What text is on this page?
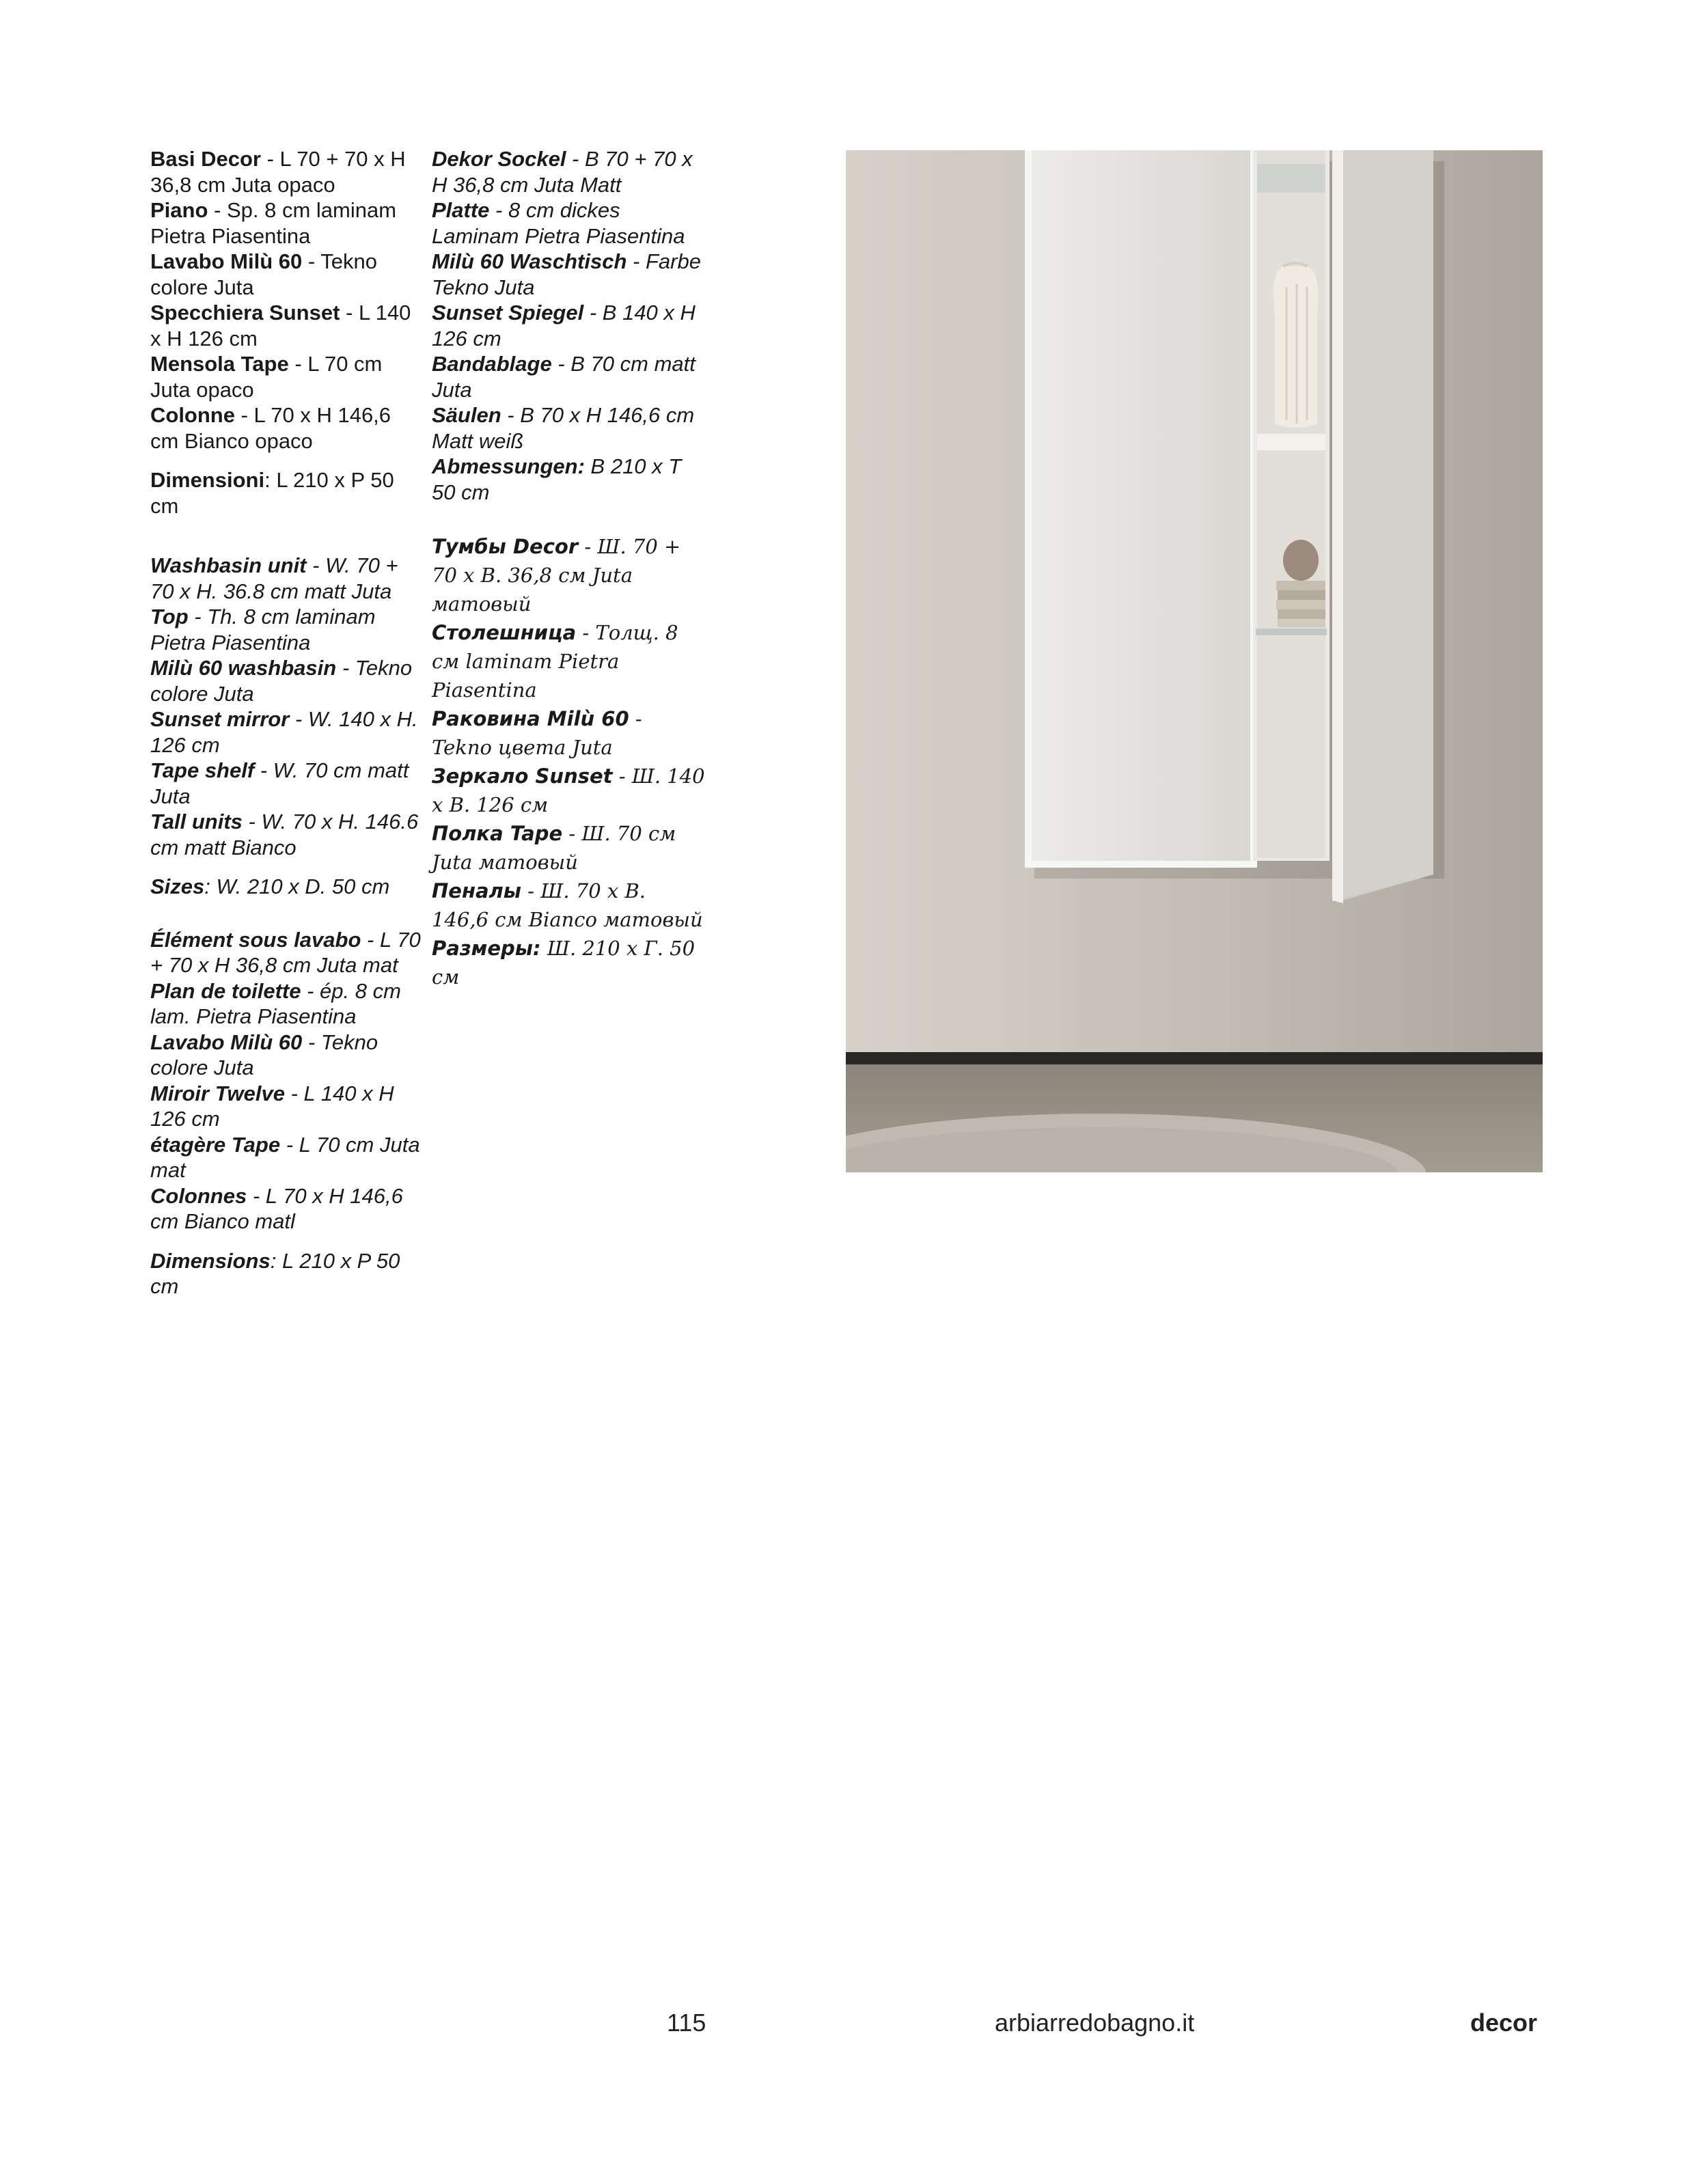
Basi Decor - L 70 + 70 x H 36,8 cm Juta opaco

Piano - Sp. 8 cm laminam Pietra Piasentina

Lavabo Milù 60 - Tekno colore Juta

Specchiera Sunset - L 140 x H 126 cm

Mensola Tape - L 70 cm Juta opaco

Colonne - L 70 x H 146,6 cm Bianco opaco

Dimensioni: L 210 x P 50 cm

Washbasin unit - W. 70 + 70 x H. 36.8 cm matt Juta

Top - Th. 8 cm laminam Pietra Piasentina

Milù 60 washbasin - Tekno colore Juta

Sunset mirror - W. 140 x H. 126 cm

Tape shelf - W. 70 cm matt Juta

Tall units - W. 70 x H. 146.6 cm matt Bianco

Sizes: W. 210 x D. 50 cm

Élément sous lavabo - L 70 + 70 x H 36,8 cm Juta mat

Plan de toilette - ép. 8 cm lam. Pietra Piasentina

Lavabo Milù 60 - Tekno colore Juta

Miroir Twelve - L 140 x H 126 cm

étagère Tape - L 70 cm Juta mat

Colonnes - L 70 x H 146,6 cm Bianco matl

Dimensions: L 210 x P 50 cm

Dekor Sockel - B 70 + 70 x H 36,8 cm Juta Matt

Platte - 8 cm dickes Laminam Pietra Piasentina

Milù 60 Waschtisch - Farbe Tekno Juta

Sunset Spiegel - B 140 x H 126 cm

Bandablage - B 70 cm matt Juta

Säulen - B 70 x H 146,6 cm Matt weiß

Abmessungen: B 210 x T 50 cm

Тумбы Decor - Ш. 70 + 70 x В. 36,8 см Juta матовый

Столешница - Толщ. 8 см laminam Pietra Piasentina

Раковина Milù 60 - Tekno цвета Juta

Зеркало Sunset - Ш. 140 x В. 126 см

Полка Tape - Ш. 70 см Juta матовый

Пеналы - Ш. 70 x В. 146,6 см Bianco матовый

Размеры: Ш. 210 x Г. 50 см

115	arbiarredobagno.it	decor
